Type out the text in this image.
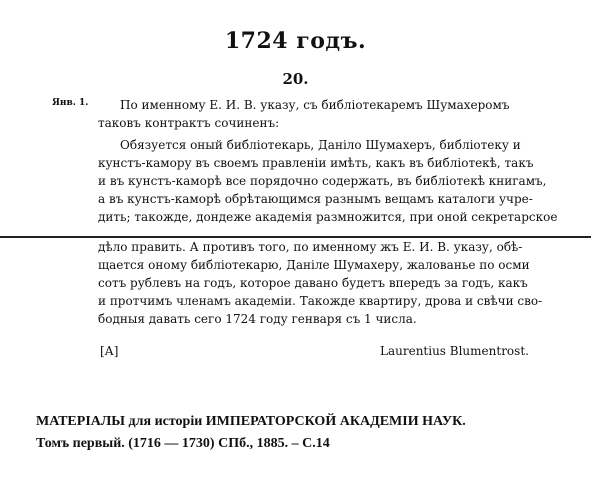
1724 годъ.
20.
Янв. 1.	По именному Е. И. В. указу, съ библіотекаремъ Шумахеромъ
таковъ контрактъ сочиненъ:
Обязуется оный библіотекарь, Даніло Шумахеръ, библіотеку и
кунстъ-камору въ своемъ правленіи имѣть, какъ въ библіотекѣ, такъ
и въ кунстъ-каморѣ все порядочно содержать, въ библіотекѣ книгамъ,
а въ кунстъ-каморѣ обрѣтающимся разнымъ вещамъ каталоги учре-
дить; такожде, дондеже академія размножится, при оной секретарское
дѣло править. А противъ того, по именному жъ Е. И. В. указу, обѣ-
щается оному библіотекарю, Даніле Шумахеру, жалованье по осми
сотъ рублевъ на годъ, которое давано будетъ впередъ за годъ, какъ
и протчимъ членамъ академіи. Такожде квартиру, дрова и свѣчи сво-
бодныя давать сего 1724 году генваря съ 1 числа.
[А]	Laurentius Blumentrost.
МАТЕРІАЛЫ для исторіи ИМПЕРАТОРСКОЙ АКАДЕМІИ НАУК.
Томъ первый. (1716 — 1730) СПб., 1885. – С.14
